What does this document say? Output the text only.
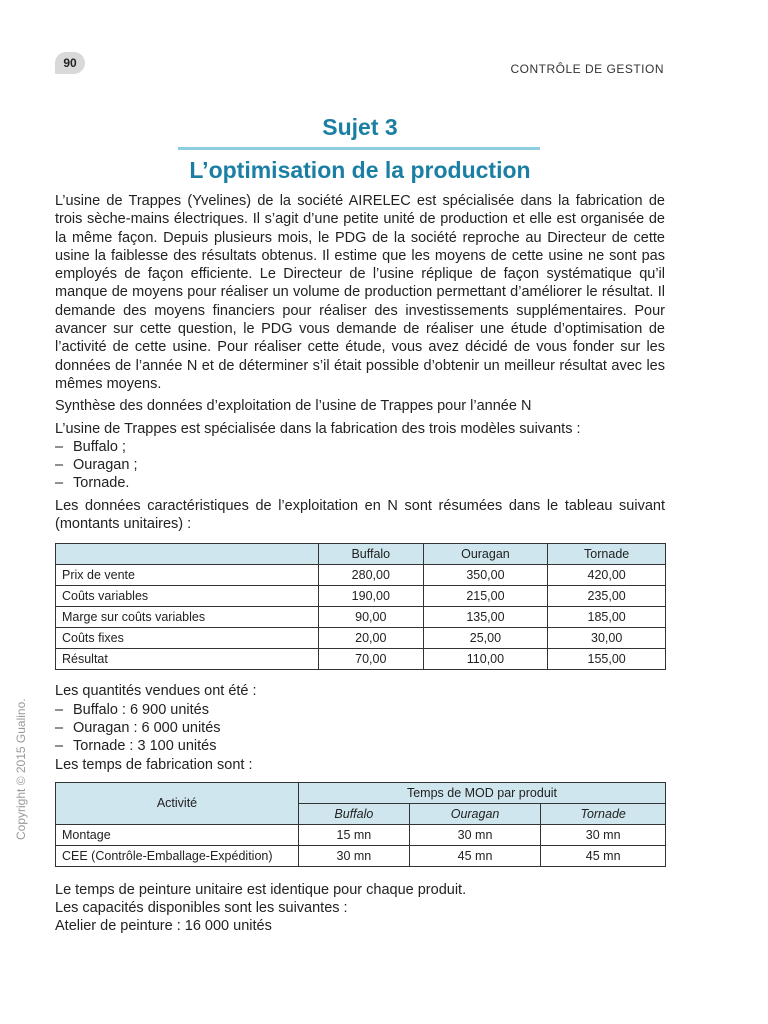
90	CONTRÔLE DE GESTION
Copyright © 2015 Gualino.
Sujet 3
L’optimisation de la production

L’usine de Trappes (Yvelines) de la société AIRELEC est spécialisée dans la fabrication de trois sèche-mains électriques. Il s’agit d’une petite unité de production et elle est organisée de la même façon. Depuis plusieurs mois, le PDG de la société reproche au Directeur de cette usine la faiblesse des résultats obtenus. Il estime que les moyens de cette usine ne sont pas employés de façon efficiente. Le Directeur de l’usine réplique de façon systématique qu’il manque de moyens pour réaliser un volume de production permettant d’améliorer le résultat. Il demande des moyens financiers pour réaliser des investissements supplémentaires. Pour avancer sur cette question, le PDG vous demande de réaliser une étude d’optimisation de l’activité de cette usine. Pour réaliser cette étude, vous avez décidé de vous fonder sur les données de l’année N et de déterminer s’il était possible d’obtenir un meilleur résultat avec les mêmes moyens.

Synthèse des données d’exploitation de l’usine de Trappes pour l’année N

L’usine de Trappes est spécialisée dans la fabrication des trois modèles suivants :

– Buffalo ;
– Ouragan ;
– Tornade.

Les données caractéristiques de l’exploitation en N sont résumées dans le tableau suivant (montants unitaires) :

	Buffalo	Ouragan	Tornade
Prix de vente	280,00	350,00	420,00
Coûts variables	190,00	215,00	235,00
Marge sur coûts variables	90,00	135,00	185,00
Coûts fixes	20,00	25,00	30,00
Résultat	70,00	110,00	155,00

Les quantités vendues ont été :

– Buffalo : 6 900 unités
– Ouragan : 6 000 unités
– Tornade : 3 100 unités

Les temps de fabrication sont :

Activité	Temps de MOD par produit		
	Buffalo	Ouragan	Tornade
Montage	15 mn	30 mn	30 mn
CEE (Contrôle-Emballage-Expédition)	30 mn	45 mn	45 mn

Le temps de peinture unitaire est identique pour chaque produit.

Les capacités disponibles sont les suivantes :

Atelier de peinture : 16 000 unités
